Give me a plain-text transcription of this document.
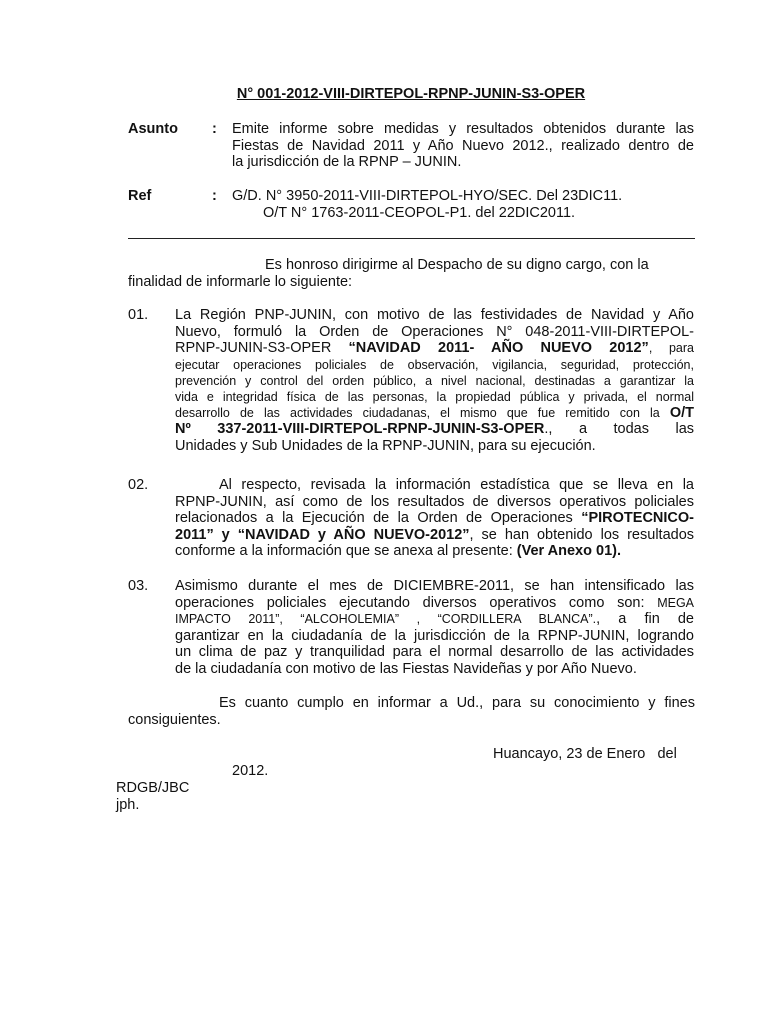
N° 001-2012-VIII-DIRTEPOL-RPNP-JUNIN-S3-OPER
Asunto : Emite informe sobre medidas y resultados obtenidos durante las
Fiestas de Navidad 2011 y Año Nuevo 2012., realizado dentro de
la jurisdicción de la RPNP – JUNIN.
Ref	: G/D. N° 3950-2011-VIII-DIRTEPOL-HYO/SEC. Del 23DIC11.
O/T N° 1763-2011-CEOPOL-P1. del 22DIC2011.
Es honroso dirigirme al Despacho de su digno cargo, con la
finalidad de informarle lo siguiente:
01. La Región PNP-JUNIN, con motivo de las festividades de Navidad y Año
Nuevo, formuló la Orden de Operaciones N° 048-2011-VIII-DIRTEPOL-
RPNP-JUNIN-S3-OPER “NAVIDAD 2011- AÑO NUEVO 2012”, para
ejecutar operaciones policiales de observación, vigilancia, seguridad, protección,
prevención y control del orden público, a nivel nacional, destinadas a garantizar la
vida e integridad física de las personas, la propiedad pública y privada, el normal
desarrollo de las actividades ciudadanas, el mismo que fue remitido con la O/T
Nº 337-2011-VIII-DIRTEPOL-RPNP-JUNIN-S3-OPER., a todas las
Unidades y Sub Unidades de la RPNP-JUNIN, para su ejecución.
02.	Al respecto, revisada la información estadística que se lleva en la
RPNP-JUNIN, así como de los resultados de diversos operativos policiales
relacionados a la Ejecución de la Orden de Operaciones “PIROTECNICO-
2011” y “NAVIDAD y AÑO NUEVO-2012”, se han obtenido los resultados
conforme a la información que se anexa al presente: (Ver Anexo 01).
03. Asimismo durante el mes de DICIEMBRE-2011, se han intensificado las
operaciones policiales ejecutando diversos operativos como son: MEGA
IMPACTO 2011”, “ALCOHOLEMIA” , “CORDILLERA BLANCA”., a fin de
garantizar en la ciudadanía de la jurisdicción de la RPNP-JUNIN, logrando
un clima de paz y tranquilidad para el normal desarrollo de las actividades
de la ciudadanía con motivo de las Fiestas Navideñas y por Año Nuevo.
Es cuanto cumplo en informar a Ud., para su conocimiento y fines
consiguientes.
Huancayo, 23 de Enero   del
2012.
RDGB/JBC
jph.
